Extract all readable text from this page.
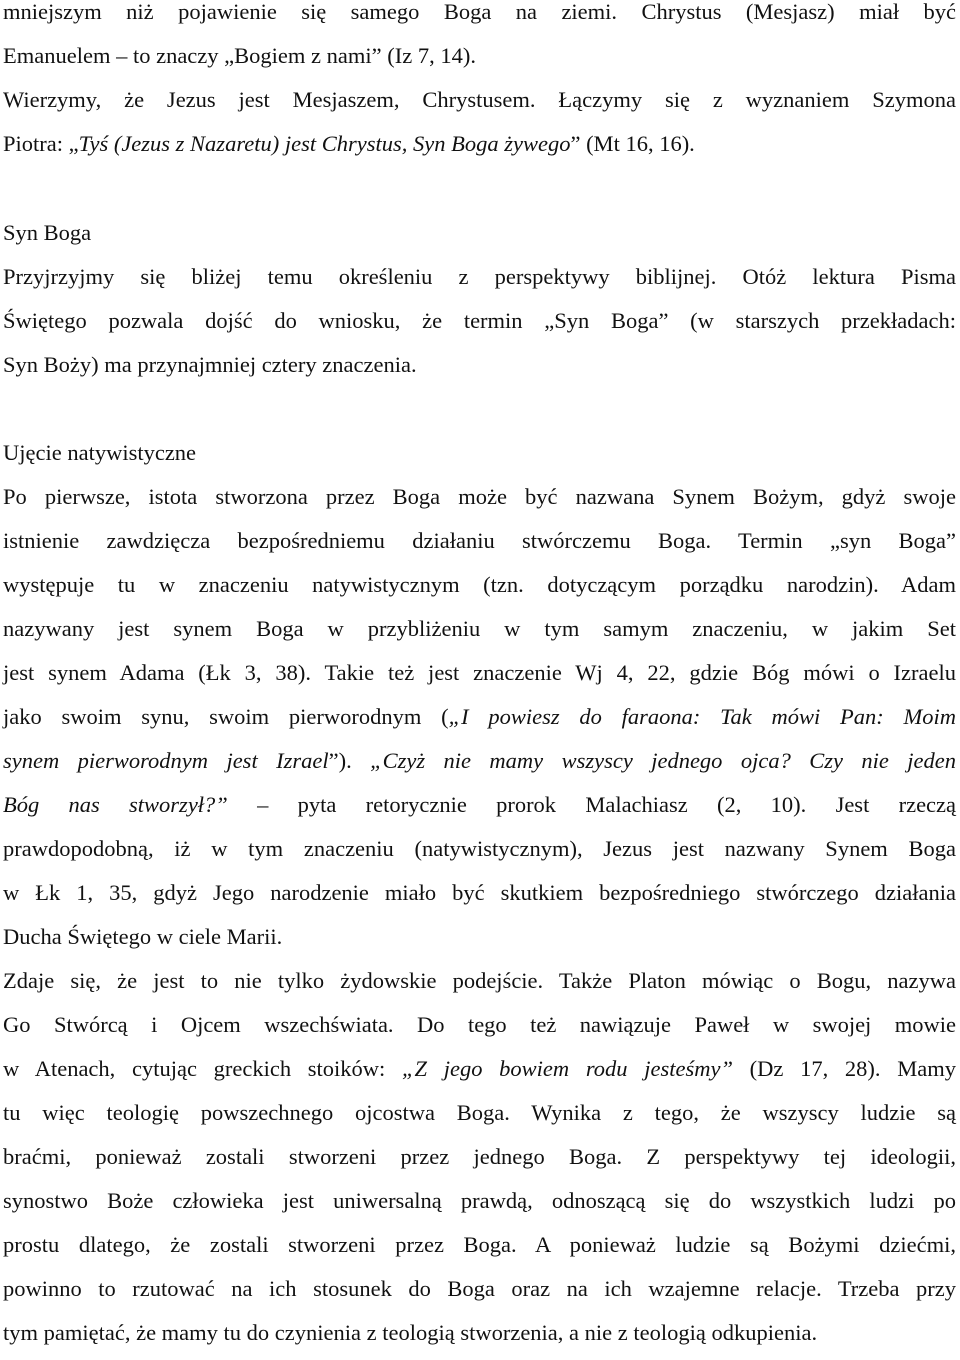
mniejszym niż pojawienie się samego Boga na ziemi. Chrystus (Mesjasz) miał być
Emanuelem – to znaczy „Bogiem z nami” (Iz 7, 14).
Wierzymy, że Jezus jest Mesjaszem, Chrystusem. Łączymy się z wyznaniem Szymona
Piotra: „Tyś (Jezus z Nazaretu) jest Chrystus, Syn Boga żywego” (Mt 16, 16).
Syn Boga
Przyjrzyjmy się bliżej temu określeniu z perspektywy biblijnej. Otóż lektura Pisma
Świętego pozwala dojść do wniosku, że termin „Syn Boga” (w starszych przekładach:
Syn Boży) ma przynajmniej cztery znaczenia.
Ujęcie natywistyczne
Po pierwsze, istota stworzona przez Boga może być nazwana Synem Bożym, gdyż swoje
istnienie zawdzięcza bezpośredniemu działaniu stwórczemu Boga. Termin „syn Boga”
występuje tu w znaczeniu natywistycznym (tzn. dotyczącym porządku narodzin). Adam
nazywany jest synem Boga w przybliżeniu w tym samym znaczeniu, w jakim Set
jest synem Adama (Łk 3, 38). Takie też jest znaczenie Wj 4, 22, gdzie Bóg mówi o Izraelu
jako swoim synu, swoim pierworodnym („I powiesz do faraona: Tak mówi Pan: Moim
synem pierworodnym jest Izrael”). „Czyż nie mamy wszyscy jednego ojca? Czy nie jeden
Bóg nas stworzył?” – pyta retorycznie prorok Malachiasz (2, 10). Jest rzeczą
prawdopodobną, iż w tym znaczeniu (natywistycznym), Jezus jest nazwany Synem Boga
w Łk 1, 35, gdyż Jego narodzenie miało być skutkiem bezpośredniego stwórczego działania
Ducha Świętego w ciele Marii.
Zdaje się, że jest to nie tylko żydowskie podejście. Także Platon mówiąc o Bogu, nazywa
Go Stwórcą i Ojcem wszechświata. Do tego też nawiązuje Paweł w swojej mowie
w Atenach, cytując greckich stoików: „Z jego bowiem rodu jesteśmy” (Dz 17, 28). Mamy
tu więc teologię powszechnego ojcostwa Boga. Wynika z tego, że wszyscy ludzie są
braćmi, ponieważ zostali stworzeni przez jednego Boga. Z perspektywy tej ideologii,
synostwo Boże człowieka jest uniwersalną prawdą, odnoszącą się do wszystkich ludzi po
prostu dlatego, że zostali stworzeni przez Boga. A ponieważ ludzie są Bożymi dziećmi,
powinno to rzutować na ich stosunek do Boga oraz na ich wzajemne relacje. Trzeba przy
tym pamiętać, że mamy tu do czynienia z teologią stworzenia, a nie z teologią odkupienia.
